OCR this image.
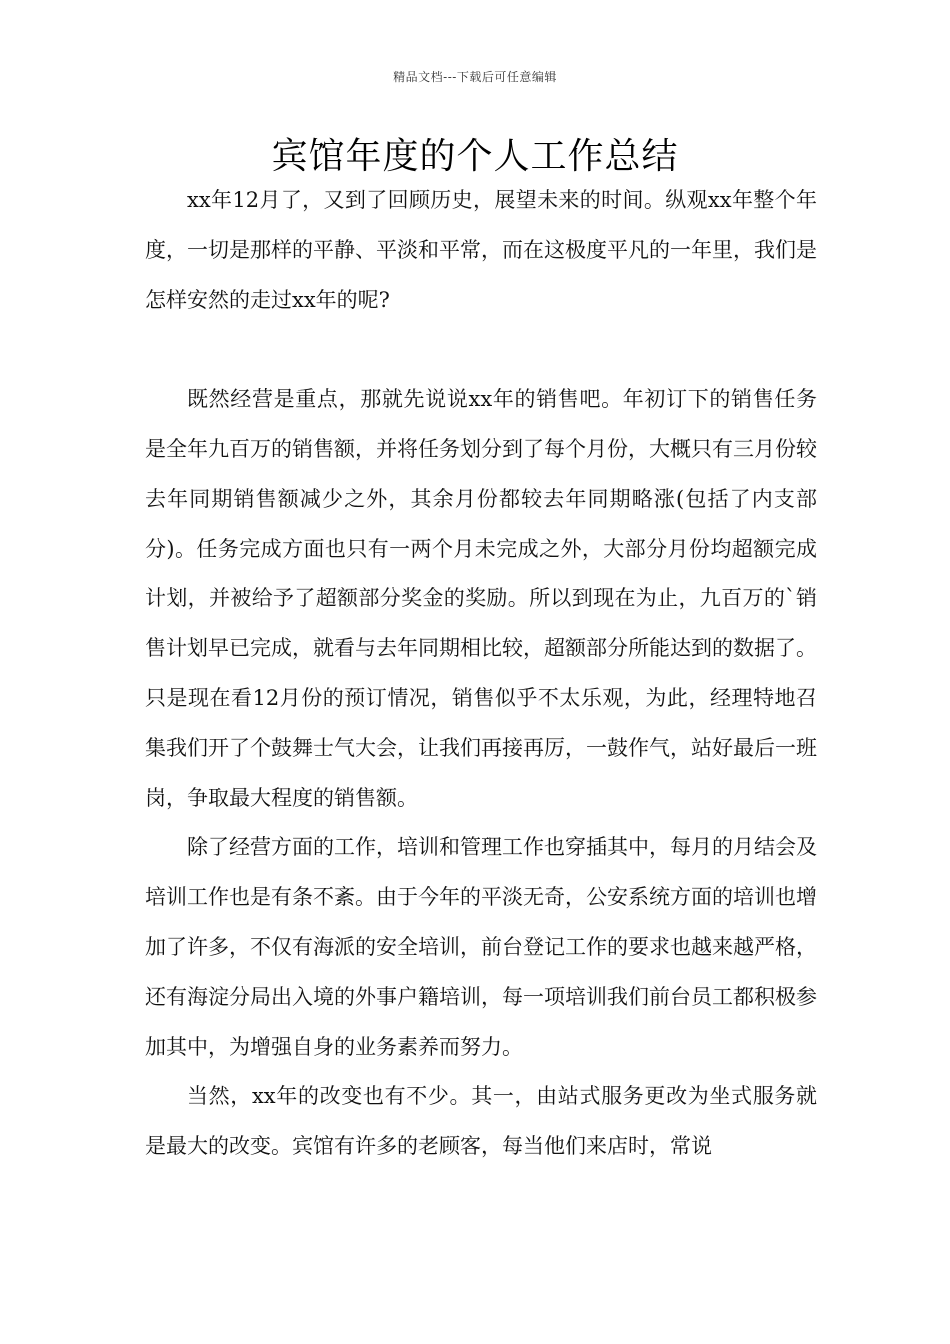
精品文档---下载后可任意编辑
宾馆年度的个人工作总结

xx年12月了，又到了回顾历史，展望未来的时间。纵观xx年整个年度，一切是那样的平静、平淡和平常，而在这极度平凡的一年里，我们是怎样安然的走过xx年的呢?

既然经营是重点，那就先说说xx年的销售吧。年初订下的销售任务是全年九百万的销售额，并将任务划分到了每个月份，大概只有三月份较去年同期销售额减少之外，其余月份都较去年同期略涨(包括了内支部分)。任务完成方面也只有一两个月未完成之外，大部分月份均超额完成计划，并被给予了超额部分奖金的奖励。所以到现在为止，九百万的`销售计划早已完成，就看与去年同期相比较，超额部分所能达到的数据了。只是现在看12月份的预订情况，销售似乎不太乐观，为此，经理特地召集我们开了个鼓舞士气大会，让我们再接再厉，一鼓作气，站好最后一班岗，争取最大程度的销售额。

除了经营方面的工作，培训和管理工作也穿插其中，每月的月结会及培训工作也是有条不紊。由于今年的平淡无奇，公安系统方面的培训也增加了许多，不仅有海派的安全培训，前台登记工作的要求也越来越严格，还有海淀分局出入境的外事户籍培训，每一项培训我们前台员工都积极参加其中，为增强自身的业务素养而努力。

当然，xx年的改变也有不少。其一，由站式服务更改为坐式服务就是最大的改变。宾馆有许多的老顾客，每当他们来店时，常说
